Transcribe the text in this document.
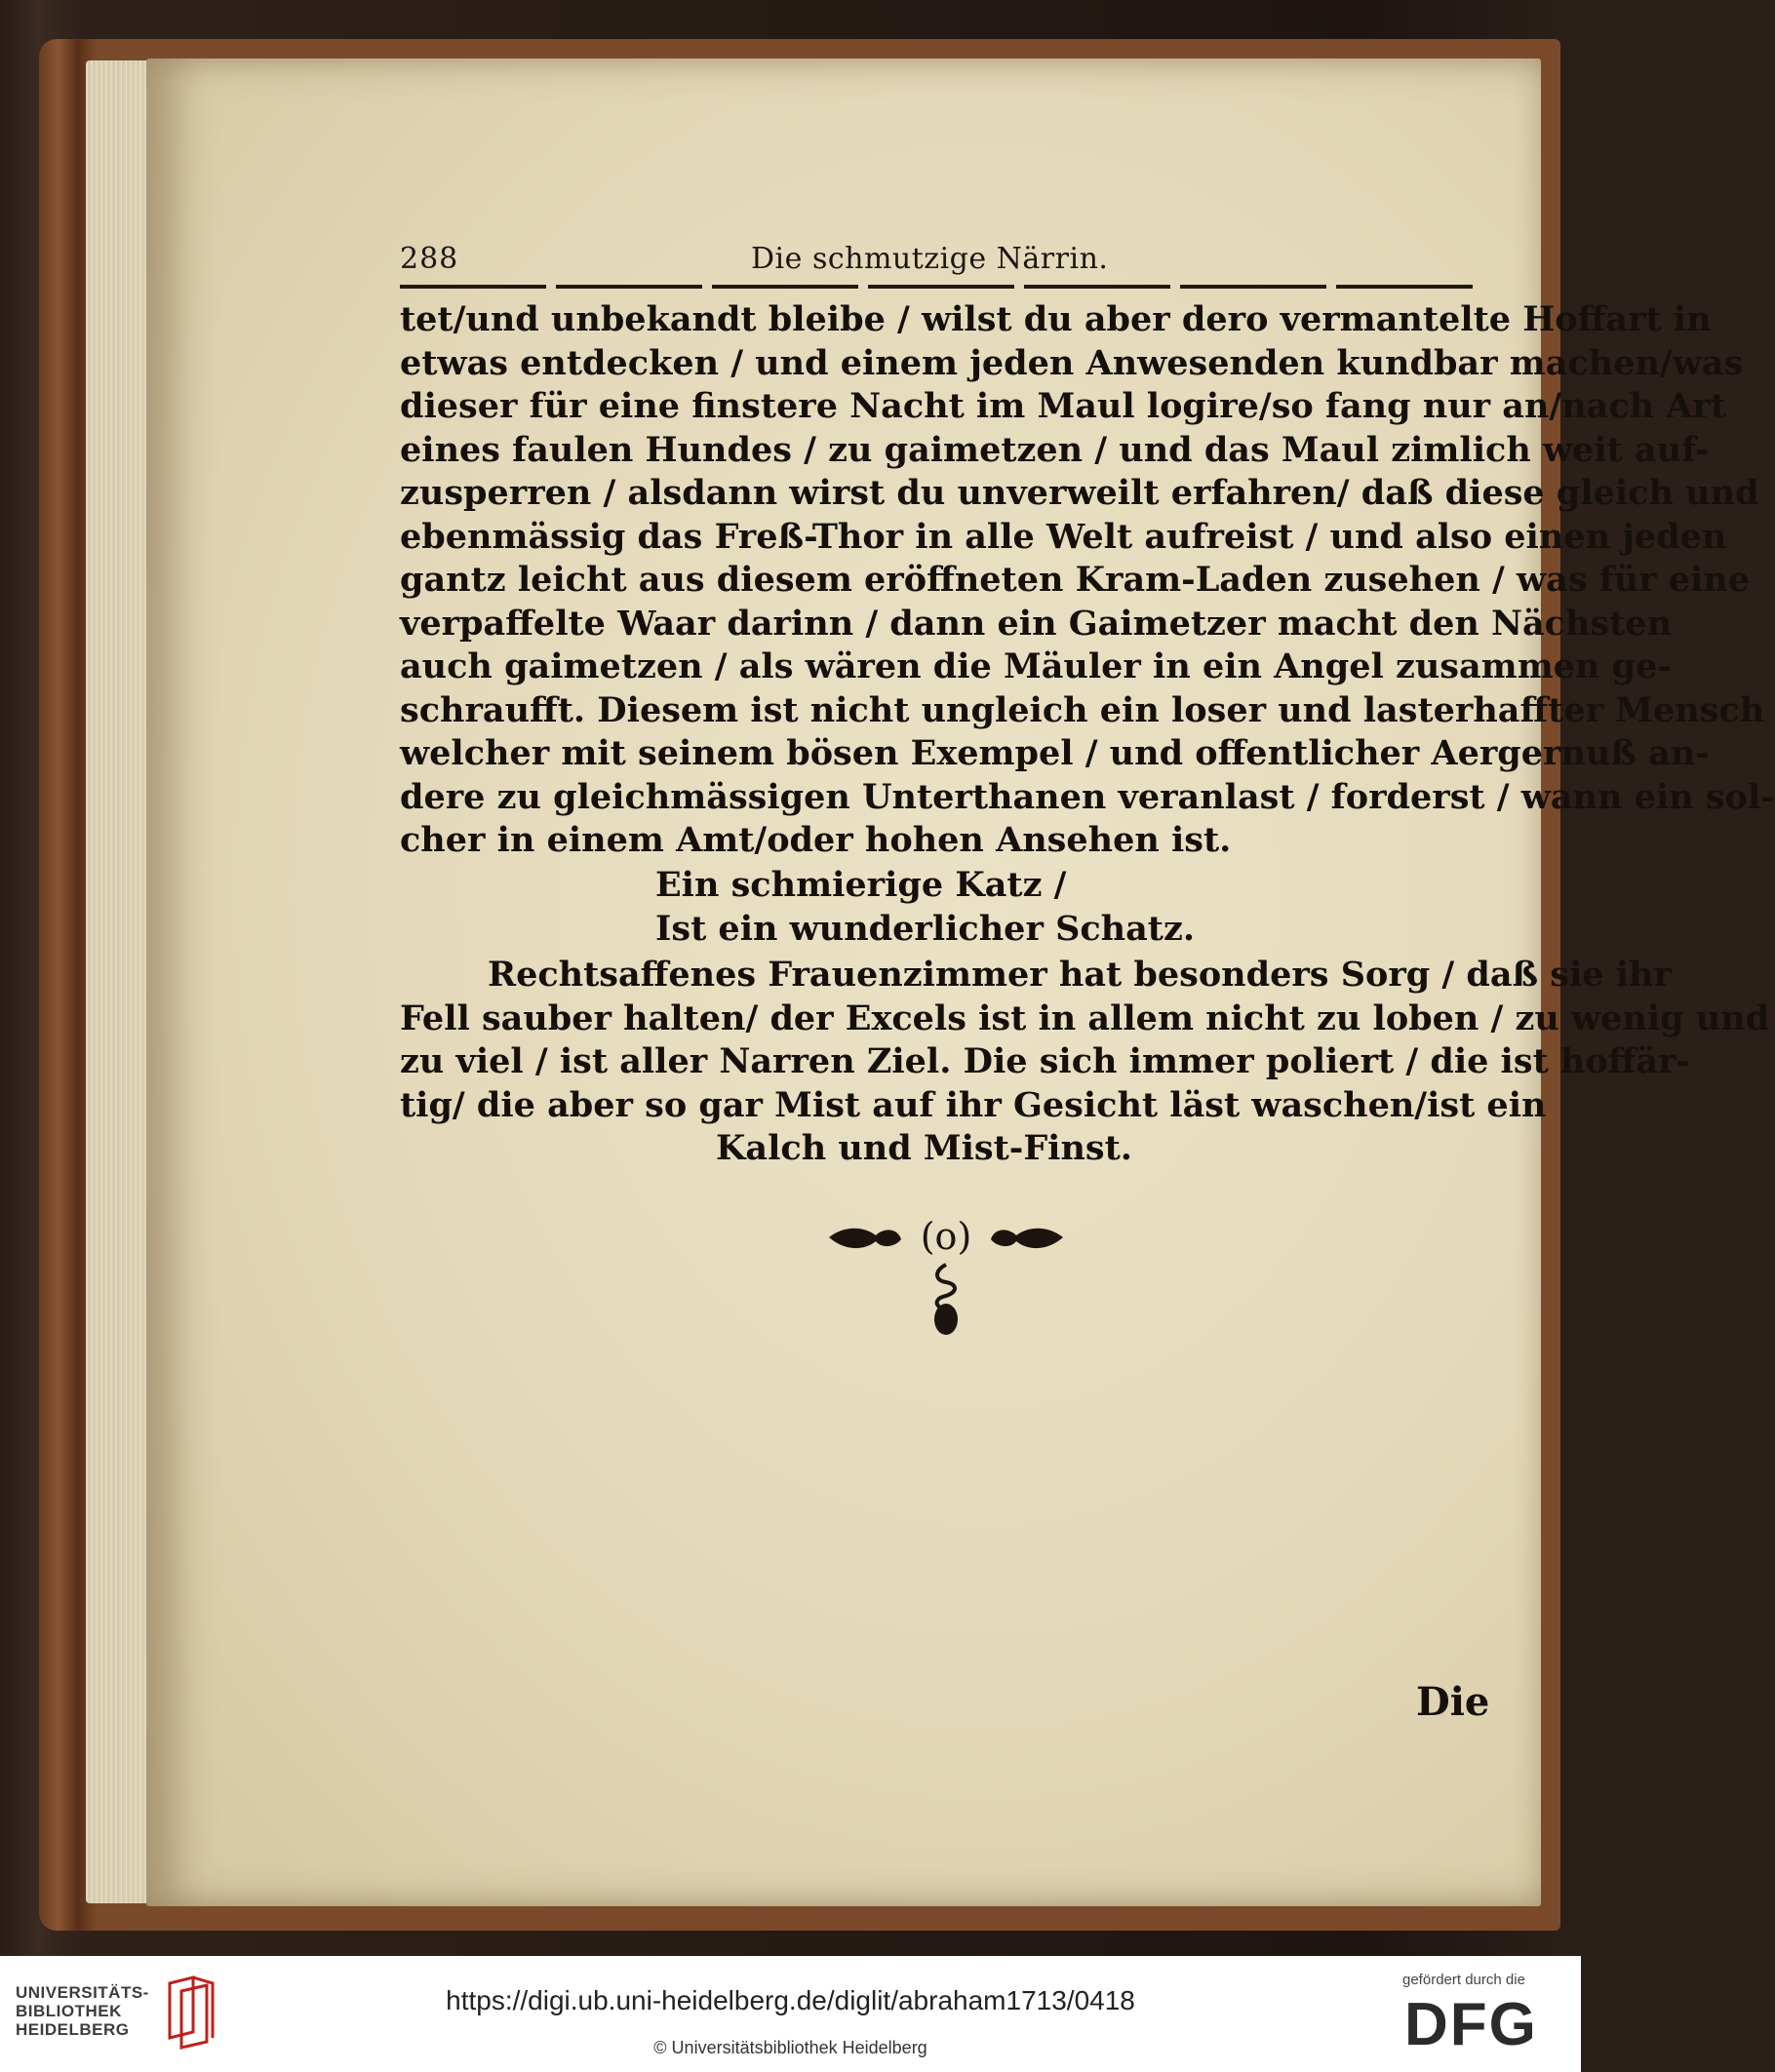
288	Die schmutzige Närrin.
tet/und unbekandt bleibe / wilst du aber dero vermantelte Hoffart in
etwas entdecken / und einem jeden Anwesenden kundbar machen/was
dieser für eine finstere Nacht im Maul logire/so fang nur an/nach Art
eines faulen Hundes / zu gaimetzen / und das Maul zimlich weit auf-
zusperren / alsdann wirst du unverweilt erfahren/ daß diese gleich und
ebenmässig das Freß-Thor in alle Welt aufreist / und also einen jeden
gantz leicht aus diesem eröffneten Kram-Laden zusehen / was für eine
verpaffelte Waar darinn / dann ein Gaimetzer macht den Nächsten
auch gaimetzen / als wären die Mäuler in ein Angel zusammen ge-
schraufft. Diesem ist nicht ungleich ein loser und lasterhaffter Mensch
welcher mit seinem bösen Exempel / und offentlicher Aergernuß an-
dere zu gleichmässigen Unterthanen veranlast / forderst / wann ein sol-
cher in einem Amt/oder hohen Ansehen ist.
Ein schmierige Katz /
Ist ein wunderlicher Schatz.
Rechtsaffenes Frauenzimmer hat besonders Sorg / daß sie ihr
Fell sauber halten/ der Excels ist in allem nicht zu loben / zu wenig und
zu viel / ist aller Narren Ziel. Die sich immer poliert / die ist hoffär-
tig/ die aber so gar Mist auf ihr Gesicht läst waschen/ist ein
Kalch und Mist-Finst.
(o)
Die
UNIVERSITÄTS-
BIBLIOTHEK
HEIDELBERG
https://digi.ub.uni-heidelberg.de/diglit/abraham1713/0418
© Universitätsbibliothek Heidelberg
gefördert durch die
DFG
